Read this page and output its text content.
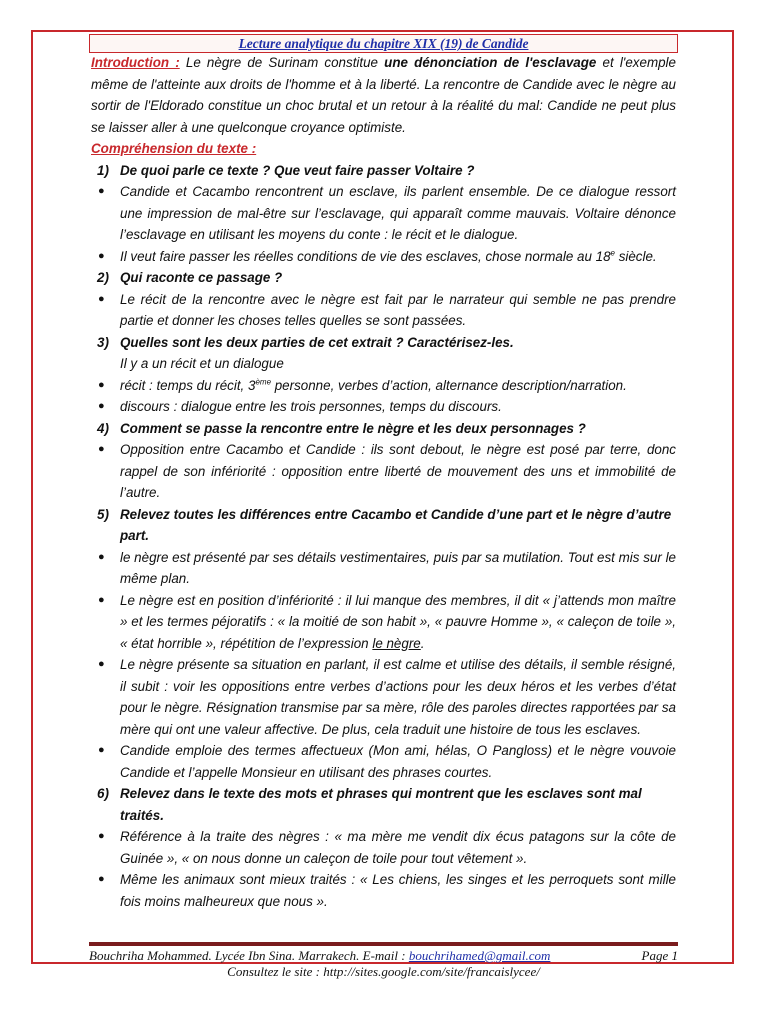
Lecture analytique du chapitre XIX (19) de Candide

Introduction : Le nègre de Surinam constitue une dénonciation de l'esclavage et l'exemple même de l'atteinte aux droits de l'homme et à la liberté. La rencontre de Candide avec le nègre au sortir de l'Eldorado constitue un choc brutal et un retour à la réalité du mal: Candide ne peut plus se laisser aller à une quelconque croyance optimiste.

Compréhension du texte :

1) De quoi parle ce texte ? Que veut faire passer Voltaire ?

● Candide et Cacambo rencontrent un esclave, ils parlent ensemble. De ce dialogue ressort une impression de mal-être sur l’esclavage, qui apparaît comme mauvais. Voltaire dénonce l’esclavage en utilisant les moyens du conte : le récit et le dialogue.

● Il veut faire passer les réelles conditions de vie des esclaves, chose normale au 18e siècle.

2) Qui raconte ce passage ?

● Le récit de la rencontre avec le nègre est fait par le narrateur qui semble ne pas prendre partie et donner les choses telles quelles se sont passées.

3) Quelles sont les deux parties de cet extrait ? Caractérisez-les.

Il y a un récit et un dialogue

● récit : temps du récit, 3ème personne, verbes d’action, alternance description/narration.

● discours : dialogue entre les trois personnes, temps du discours.

4) Comment se passe la rencontre entre le nègre et les deux personnages ?

● Opposition entre Cacambo et Candide : ils sont debout, le nègre est posé par terre, donc rappel de son infériorité : opposition entre liberté de mouvement des uns et immobilité de l’autre.

5) Relevez toutes les différences entre Cacambo et Candide d’une part et le nègre d’autre part.

● le nègre est présenté par ses détails vestimentaires, puis par sa mutilation. Tout est mis sur le même plan.

● Le nègre est en position d’infériorité : il lui manque des membres, il dit « j’attends mon maître » et les termes péjoratifs : « la moitié de son habit », « pauvre Homme », « caleçon de toile », « état horrible », répétition de l’expression le nègre.

● Le nègre présente sa situation en parlant, il est calme et utilise des détails, il semble résigné, il subit : voir les oppositions entre verbes d’actions pour les deux héros et les verbes d’état pour le nègre. Résignation transmise par sa mère, rôle des paroles directes rapportées par sa mère qui ont une valeur affective. De plus, cela traduit une histoire de tous les esclaves.

● Candide emploie des termes affectueux (Mon ami, hélas, O Pangloss) et le nègre vouvoie Candide et l’appelle Monsieur en utilisant des phrases courtes.

6) Relevez dans le texte des mots et phrases qui montrent que les esclaves sont mal traités.

● Référence à la traite des nègres : « ma mère me vendit dix écus patagons sur la côte de Guinée », « on nous donne un caleçon de toile pour tout vêtement ».

● Même les animaux sont mieux traités : « Les chiens, les singes et les perroquets sont mille fois moins malheureux que nous ».

Bouchriha Mohammed. Lycée Ibn Sina. Marrakech. E-mail : bouchrihamed@gmail.com	Page 1
Consultez le site : http://sites.google.com/site/francaislycee/
